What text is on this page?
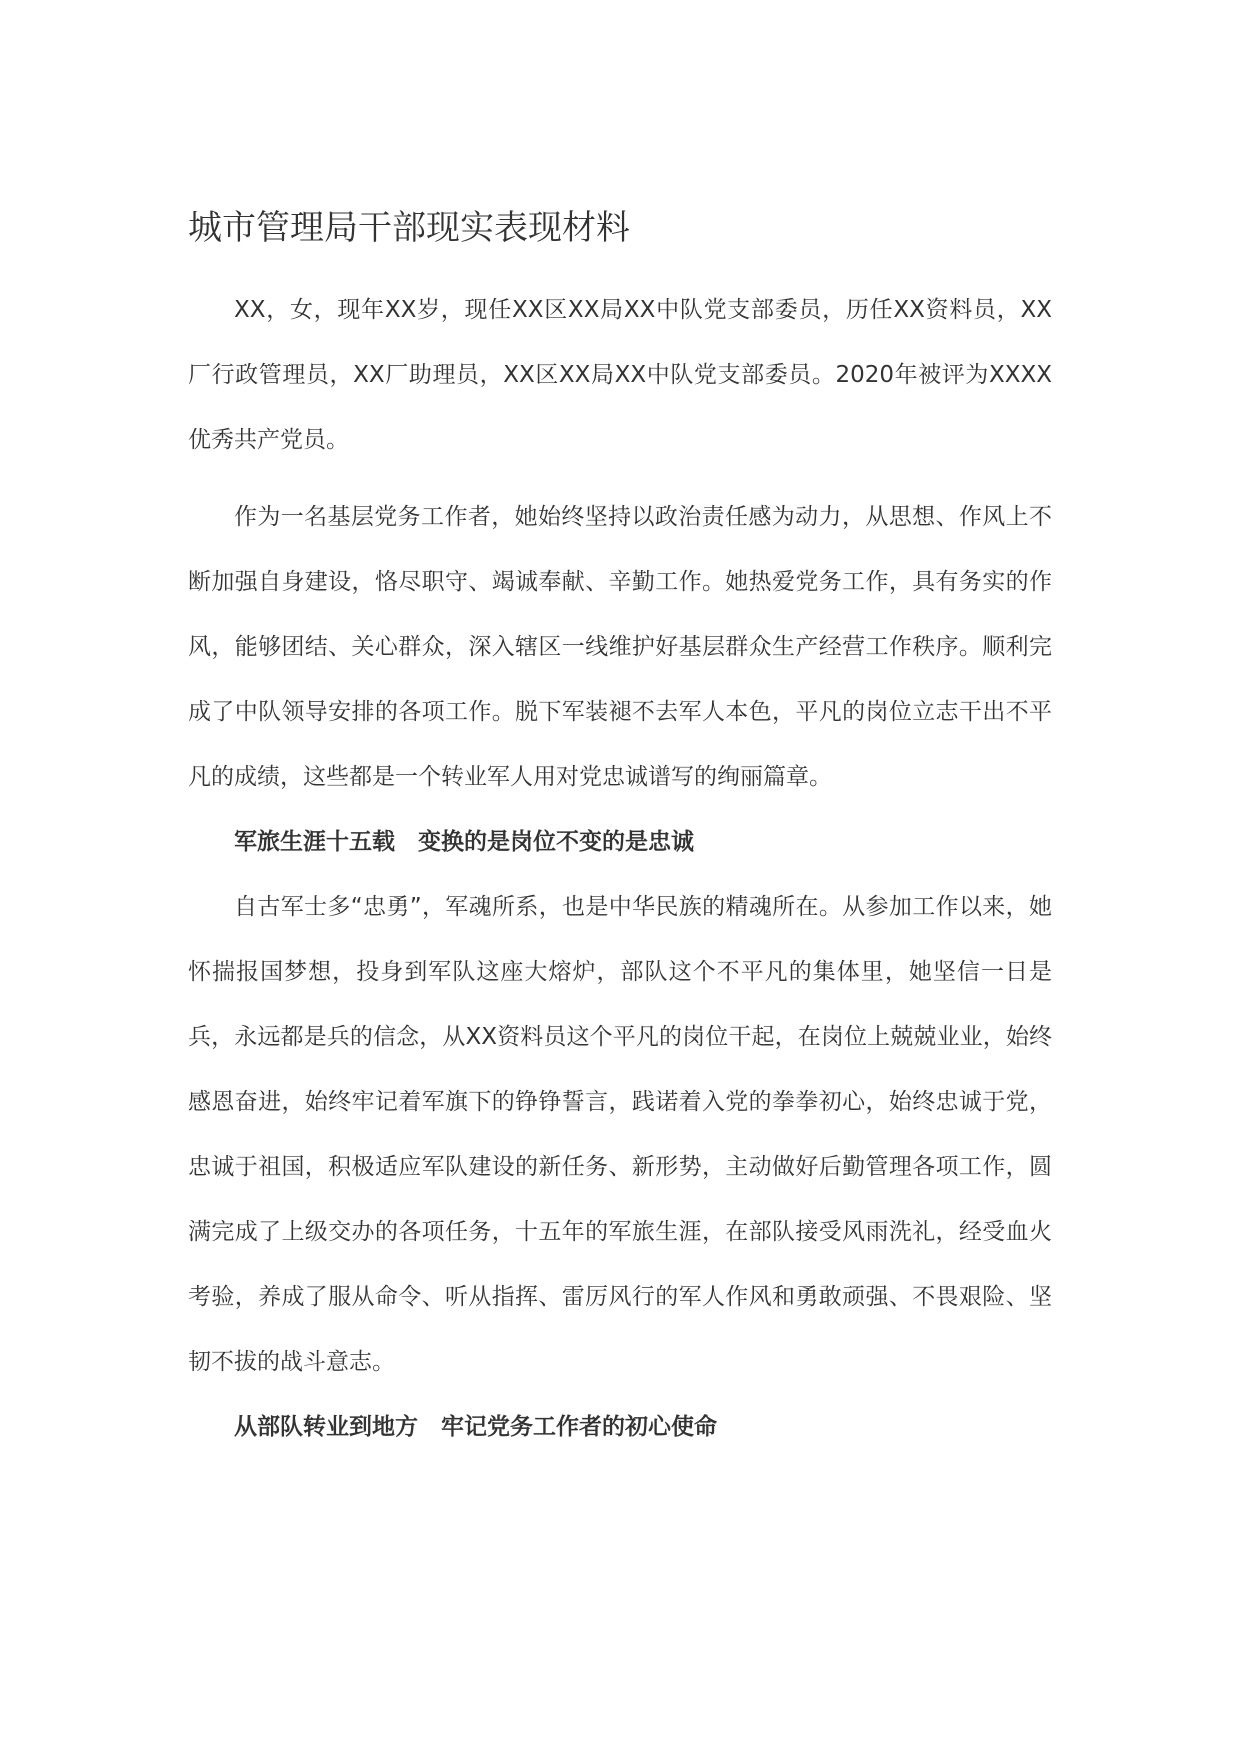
城市管理局干部现实表现材料

XX，女，现年XX岁，现任XX区XX局XX中队党支部委员，历任XX资料员，XX厂行政管理员，XX厂助理员，XX区XX局XX中队党支部委员。2020年被评为XXXX优秀共产党员。

作为一名基层党务工作者，她始终坚持以政治责任感为动力，从思想、作风上不断加强自身建设，恪尽职守、竭诚奉献、辛勤工作。她热爱党务工作，具有务实的作风，能够团结、关心群众，深入辖区一线维护好基层群众生产经营工作秩序。顺利完成了中队领导安排的各项工作。脱下军装褪不去军人本色，平凡的岗位立志干出不平凡的成绩，这些都是一个转业军人用对党忠诚谱写的绚丽篇章。

军旅生涯十五载　变换的是岗位不变的是忠诚

自古军士多“忠勇”，军魂所系，也是中华民族的精魂所在。从参加工作以来，她怀揣报国梦想，投身到军队这座大熔炉，部队这个不平凡的集体里，她坚信一日是兵，永远都是兵的信念，从XX资料员这个平凡的岗位干起，在岗位上兢兢业业，始终感恩奋进，始终牢记着军旗下的铮铮誓言，践诺着入党的拳拳初心，始终忠诚于党，忠诚于祖国，积极适应军队建设的新任务、新形势，主动做好后勤管理各项工作，圆满完成了上级交办的各项任务，十五年的军旅生涯，在部队接受风雨洗礼，经受血火考验，养成了服从命令、听从指挥、雷厉风行的军人作风和勇敢顽强、不畏艰险、坚韧不拔的战斗意志。

从部队转业到地方　牢记党务工作者的初心使命
